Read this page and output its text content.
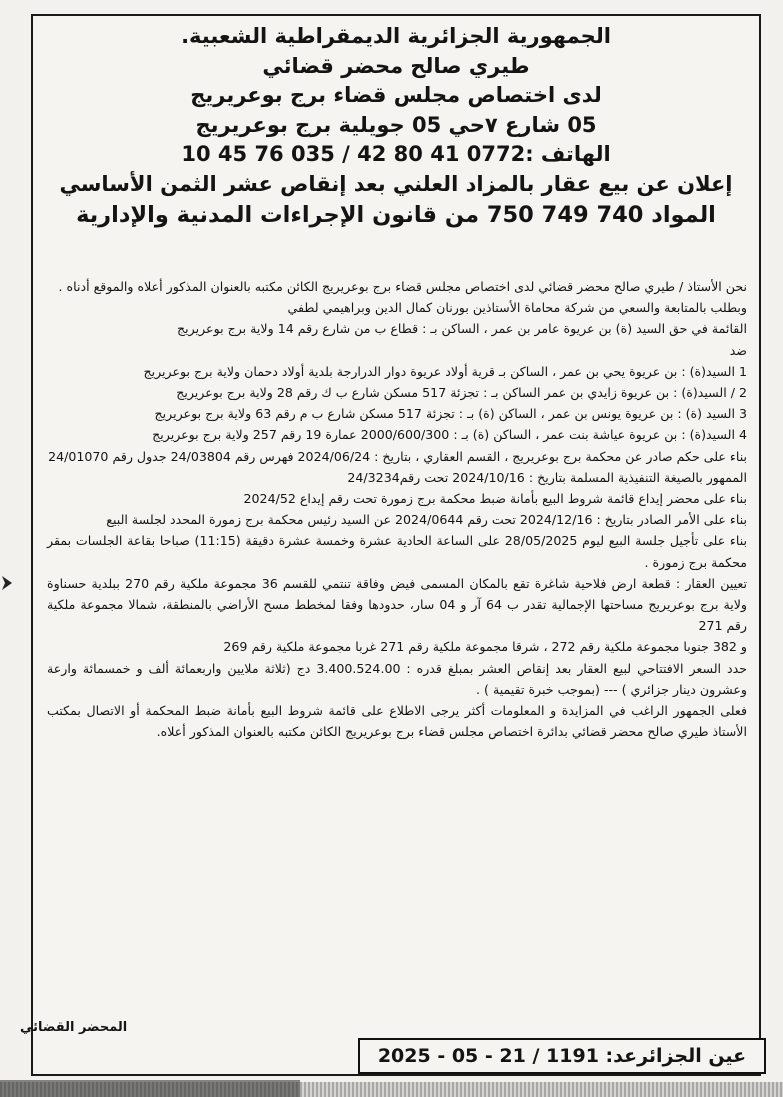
الجمهورية الجزائرية الديمقراطية الشعبية.
طيري صالح محضر قضائي
لدى اختصاص مجلس قضاء برج بوعريريج
05 شارع ٧حي 05 جويلية برج بوعريريج
الهاتف :0772 41 80 42 / 035 76 45 10
إعلان عن بيع عقار بالمزاد العلني بعد إنقاص عشر الثمن الأساسي
المواد 740 749 750 من قانون الإجراءات المدنية والإدارية

نحن الأستاذ / طيري صالح محضر قضائي لدى اختصاص مجلس قضاء برج بوعريريج الكائن مكتبه بالعنوان المذكور أعلاه والموقع أدناه .

وبطلب بالمتابعة والسعي من شركة محاماة الأستاذين بورنان كمال الدين وبراهيمي لطفي

القائمة في حق السيد (ة) بن عريوة عامر بن عمر ، الساكن بـ : قطاع ب من شارع رقم 14 ولاية برج بوعريريج

ضد

1 السيد(ة) : بن عريوة يحي بن عمر ، الساكن بـ قرية أولاد عريوة دوار الدرارجة بلدية أولاد دحمان ولاية برج بوعريريج

2 / السيد(ة) : بن عريوة زايدي بن عمر الساكن بـ : تجزئة 517 مسكن شارع ب ك رقم 28 ولاية برج بوعريريج

3 السيد (ة) : بن عريوة يونس بن عمر ، الساكن (ة) بـ : تجزئة 517 مسكن شارع ب م رقم 63 ولاية برج بوعريريج

4 السيد(ة) : بن عريوة عياشة بنت عمر ، الساكن (ة) بـ : 2000/600/300 عمارة 19 رقم 257 ولاية برج بوعريريج

بناء على حكم صادر عن محكمة برج بوعريريج ، القسم العقاري ، بتاريخ : 2024/06/24 فهرس رقم 24/03804 جدول رقم 24/01070

الممهور بالصيغة التنفيذية المسلمة بتاريخ : 2024/10/16 تحت رقم24/3234

بناء على محضر إيداع قائمة شروط البيع بأمانة ضبط محكمة برج زمورة تحت رقم إيداع 2024/52

بناء على الأمر الصادر بتاريخ : 2024/12/16 تحت رقم 2024/0644 عن السيد رئيس محكمة برج زمورة المحدد لجلسة البيع

بناء على تأجيل جلسة البيع ليوم 28/05/2025 على الساعة الحادية عشرة وخمسة عشرة دقيقة (11:15) صباحا بقاعة الجلسات بمقر محكمة برج زمورة .

تعيين العقار : قطعة ارض فلاحية شاغرة تقع بالمكان المسمى فيض وفاقة تنتمي للقسم 36 مجموعة ملكية رقم 270 ببلدية حسناوة ولاية برج بوعريريج مساحتها الإجمالية تقدر ب 64 آر و 04 سار، حدودها وفقا لمخطط مسح الأراضي بالمنطقة، شمالا مجموعة ملكية رقم 271

و 382 جنوبا مجموعة ملكية رقم 272 ، شرقا مجموعة ملكية رقم 271 غربا مجموعة ملكية رقم 269

حدد السعر الافتتاحي لبيع العقار بعد إنقاص العشر بمبلغ قدره : 3.400.524.00 دج (ثلاثة ملايين واربعمائة ألف و خمسمائة وارعة وعشرون دينار جزائري ) --- (بموجب خبرة تقيمية ) .

فعلى الجمهور الراغب في المزايدة و المعلومات أكثر يرجى الاطلاع على قائمة شروط البيع بأمانة ضبط المحكمة أو الاتصال بمكتب الأستاذ طيري صالح محضر قضائي بدائرة اختصاص مجلس قضاء برج بوعريريج الكائن مكتبه بالعنوان المذكور أعلاه.

المحضر القضائي
عين الجزائرعد: 1191 / 21 - 05 - 2025
